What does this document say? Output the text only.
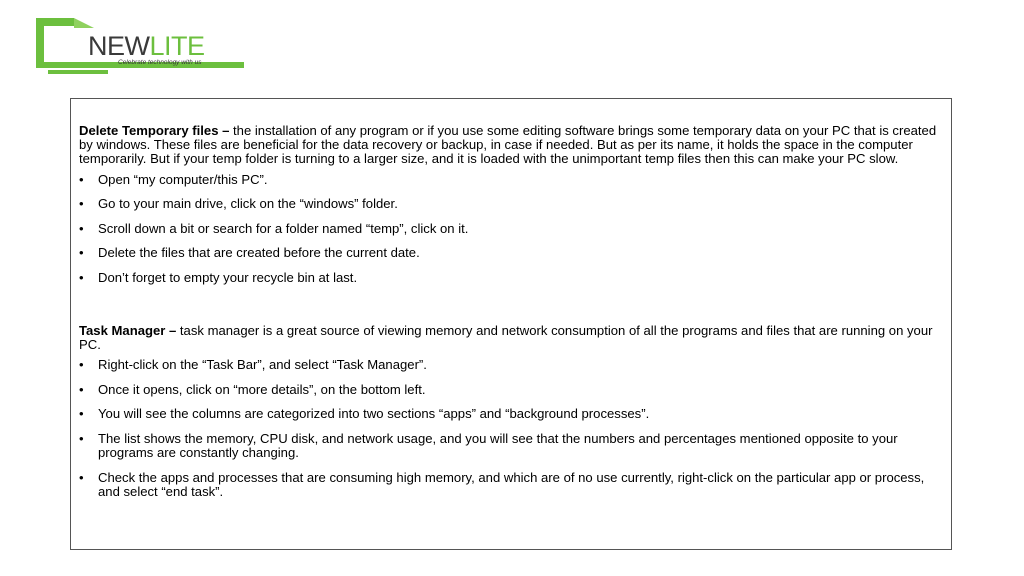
NEWLITE
Celebrate technology with us

Delete Temporary files – the installation of any program or if you use some editing software brings some temporary data on your PC that is created by windows. These files are beneficial for the data recovery or backup, in case if needed. But as per its name, it holds the space in the computer temporarily. But if your temp folder is turning to a larger size, and it is loaded with the unimportant temp files then this can make your PC slow.

• Open “my computer/this PC”.
• Go to your main drive, click on the “windows” folder.
• Scroll down a bit or search for a folder named “temp”, click on it.
• Delete the files that are created before the current date.
• Don’t forget to empty your recycle bin at last.

Task Manager – task manager is a great source of viewing memory and network consumption of all the programs and files that are running on your PC.

• Right-click on the “Task Bar”, and select “Task Manager”.
• Once it opens, click on “more details”, on the bottom left.
• You will see the columns are categorized into two sections “apps” and “background processes”.
• The list shows the memory, CPU disk, and network usage, and you will see that the numbers and percentages mentioned opposite to your programs are constantly changing.
• Check the apps and processes that are consuming high memory, and which are of no use currently, right-click on the particular app or process, and select “end task”.
